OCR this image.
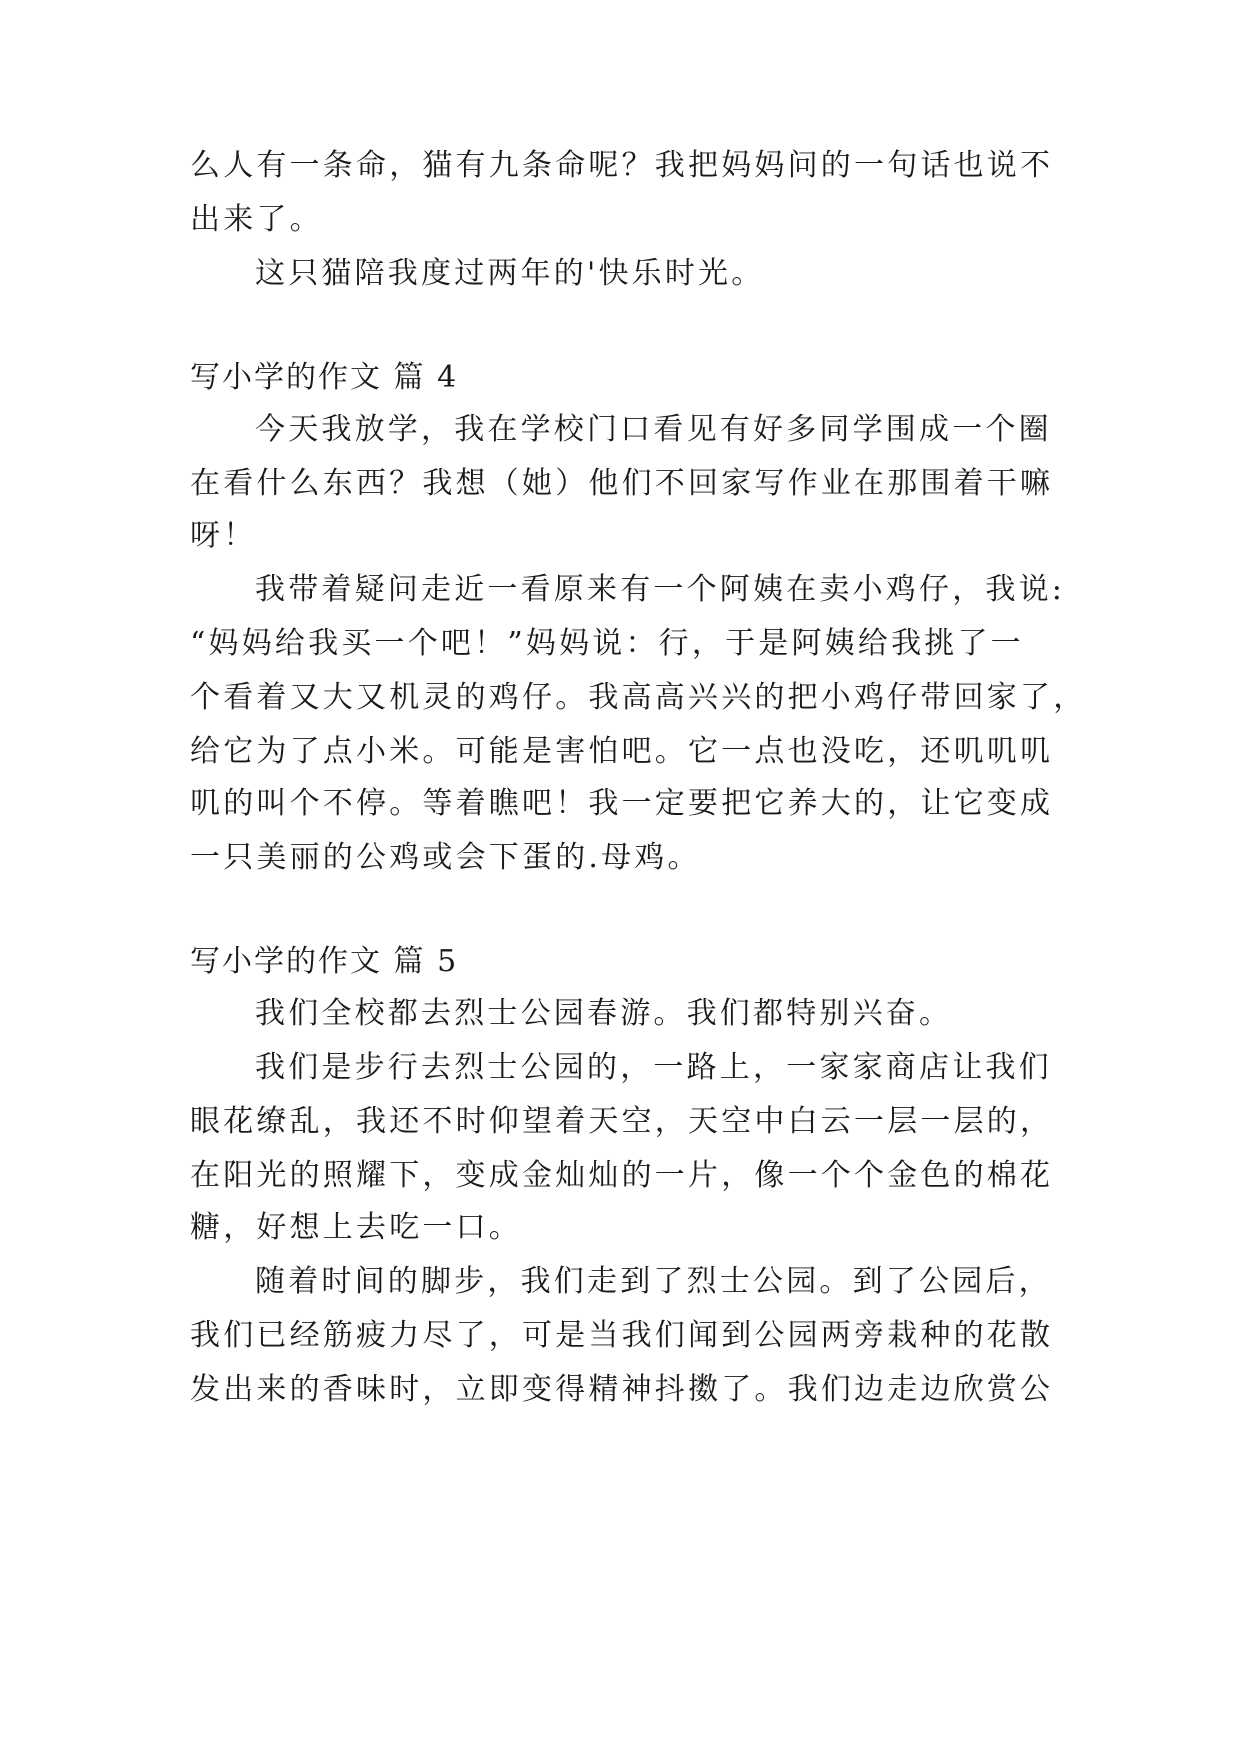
么人有一条命，猫有九条命呢？我把妈妈问的一句话也说不
出来了。
这只猫陪我度过两年的'快乐时光。
写小学的作文 篇 4
今天我放学，我在学校门口看见有好多同学围成一个圈
在看什么东西？我想（她）他们不回家写作业在那围着干嘛
呀！
我带着疑问走近一看原来有一个阿姨在卖小鸡仔，我说:
“妈妈给我买一个吧！”妈妈说：行，于是阿姨给我挑了一
个看着又大又机灵的鸡仔。我高高兴兴的把小鸡仔带回家了，
给它为了点小米。可能是害怕吧。它一点也没吃，还叽叽叽
叽的叫个不停。等着瞧吧！我一定要把它养大的，让它变成
一只美丽的公鸡或会下蛋的.母鸡。
写小学的作文 篇 5
我们全校都去烈士公园春游。我们都特别兴奋。
我们是步行去烈士公园的，一路上，一家家商店让我们
眼花缭乱，我还不时仰望着天空，天空中白云一层一层的，
在阳光的照耀下，变成金灿灿的一片，像一个个金色的棉花
糖，好想上去吃一口。
随着时间的脚步，我们走到了烈士公园。到了公园后，
我们已经筋疲力尽了，可是当我们闻到公园两旁栽种的花散
发出来的香味时，立即变得精神抖擞了。我们边走边欣赏公
